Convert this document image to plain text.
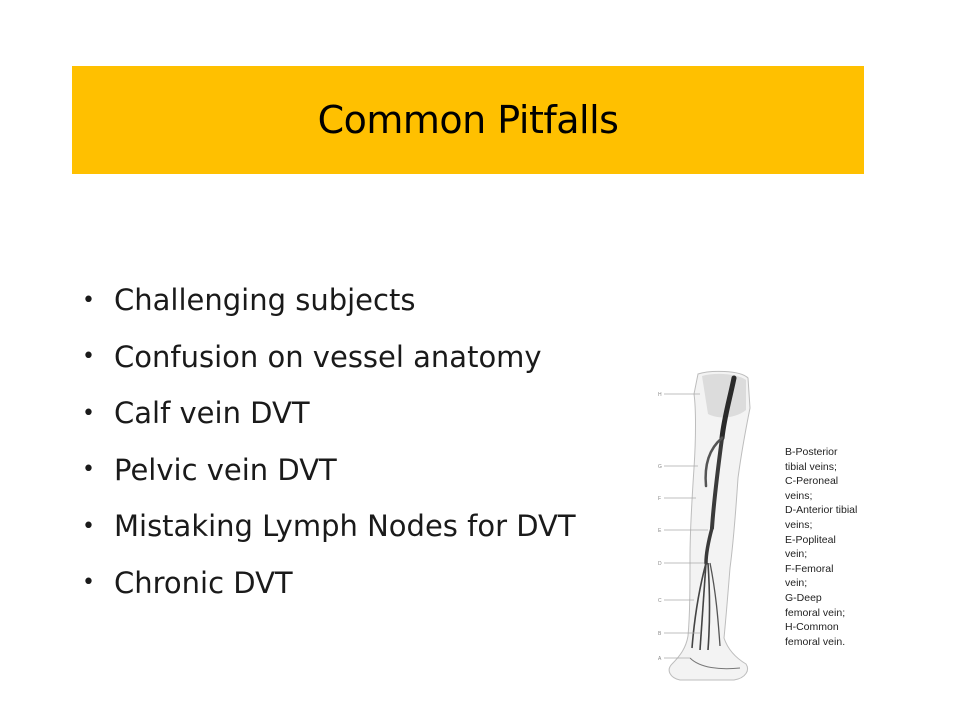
Common Pitfalls
• Challenging subjects
• Confusion on vessel anatomy
• Calf vein DVT
• Pelvic vein DVT
• Mistaking Lymph Nodes for DVT
• Chronic DVT
H
G
F
E
D
C
B
A
B-Posterior
tibial veins;
C-Peroneal
veins;
D-Anterior tibial
veins;
E-Popliteal
vein;
F-Femoral
vein;
G-Deep
femoral vein;
H-Common
femoral vein.
